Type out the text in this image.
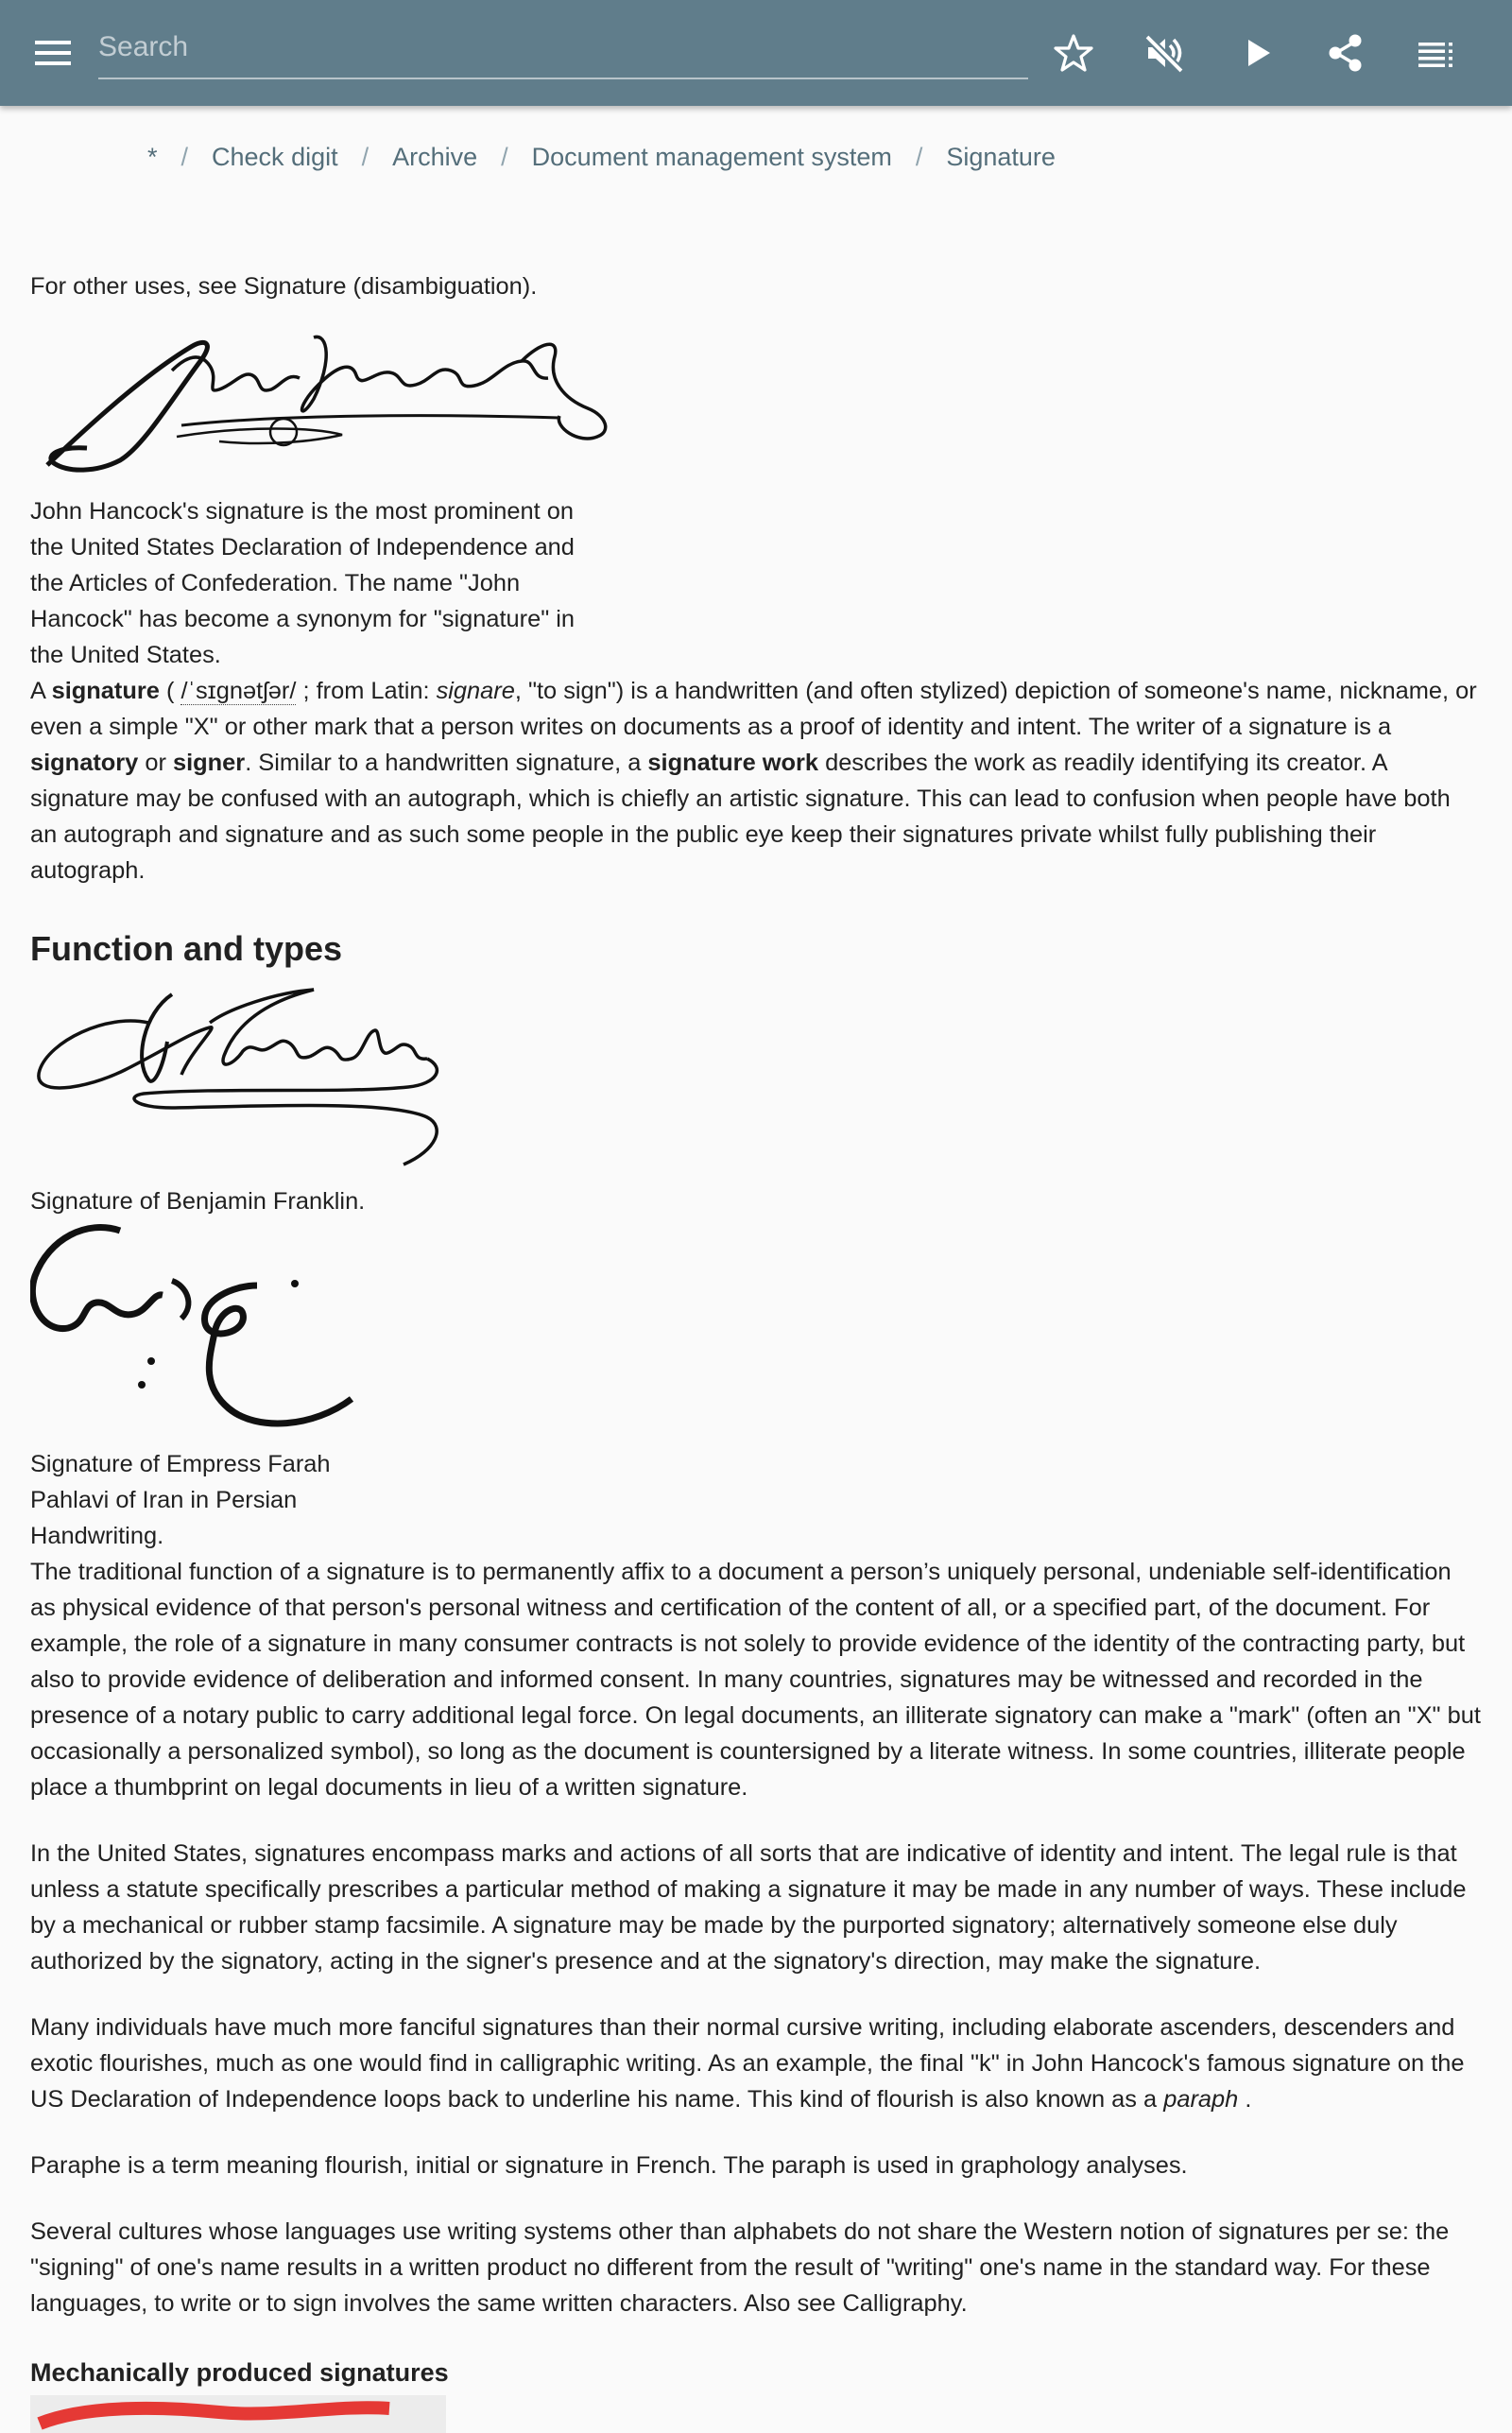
Search
* / Check digit / Archive / Document management system / Signature

For other uses, see Signature (disambiguation).

John Hancock's signature is the most prominent on the United States Declaration of Independence and the Articles of Confederation. The name "John Hancock" has become a synonym for "signature" in the United States.

A signature ( /ˈsɪɡnətʃər/ ; from Latin: signare, "to sign") is a handwritten (and often stylized) depiction of someone's name, nickname, or even a simple "X" or other mark that a person writes on documents as a proof of identity and intent. The writer of a signature is a signatory or signer. Similar to a handwritten signature, a signature work describes the work as readily identifying its creator. A signature may be confused with an autograph, which is chiefly an artistic signature. This can lead to confusion when people have both an autograph and signature and as such some people in the public eye keep their signatures private whilst fully publishing their autograph.

Function and types

Signature of Benjamin Franklin.

Signature of Empress Farah Pahlavi of Iran in Persian Handwriting.

The traditional function of a signature is to permanently affix to a document a person’s uniquely personal, undeniable self-identification as physical evidence of that person's personal witness and certification of the content of all, or a specified part, of the document. For example, the role of a signature in many consumer contracts is not solely to provide evidence of the identity of the contracting party, but also to provide evidence of deliberation and informed consent. In many countries, signatures may be witnessed and recorded in the presence of a notary public to carry additional legal force. On legal documents, an illiterate signatory can make a "mark" (often an "X" but occasionally a personalized symbol), so long as the document is countersigned by a literate witness. In some countries, illiterate people place a thumbprint on legal documents in lieu of a written signature.

In the United States, signatures encompass marks and actions of all sorts that are indicative of identity and intent. The legal rule is that unless a statute specifically prescribes a particular method of making a signature it may be made in any number of ways. These include by a mechanical or rubber stamp facsimile. A signature may be made by the purported signatory; alternatively someone else duly authorized by the signatory, acting in the signer's presence and at the signatory's direction, may make the signature.

Many individuals have much more fanciful signatures than their normal cursive writing, including elaborate ascenders, descenders and exotic flourishes, much as one would find in calligraphic writing. As an example, the final "k" in John Hancock's famous signature on the US Declaration of Independence loops back to underline his name. This kind of flourish is also known as a paraph .

Paraphe is a term meaning flourish, initial or signature in French. The paraph is used in graphology analyses.

Several cultures whose languages use writing systems other than alphabets do not share the Western notion of signatures per se: the "signing" of one's name results in a written product no different from the result of "writing" one's name in the standard way. For these languages, to write or to sign involves the same written characters. Also see Calligraphy.

Mechanically produced signatures
